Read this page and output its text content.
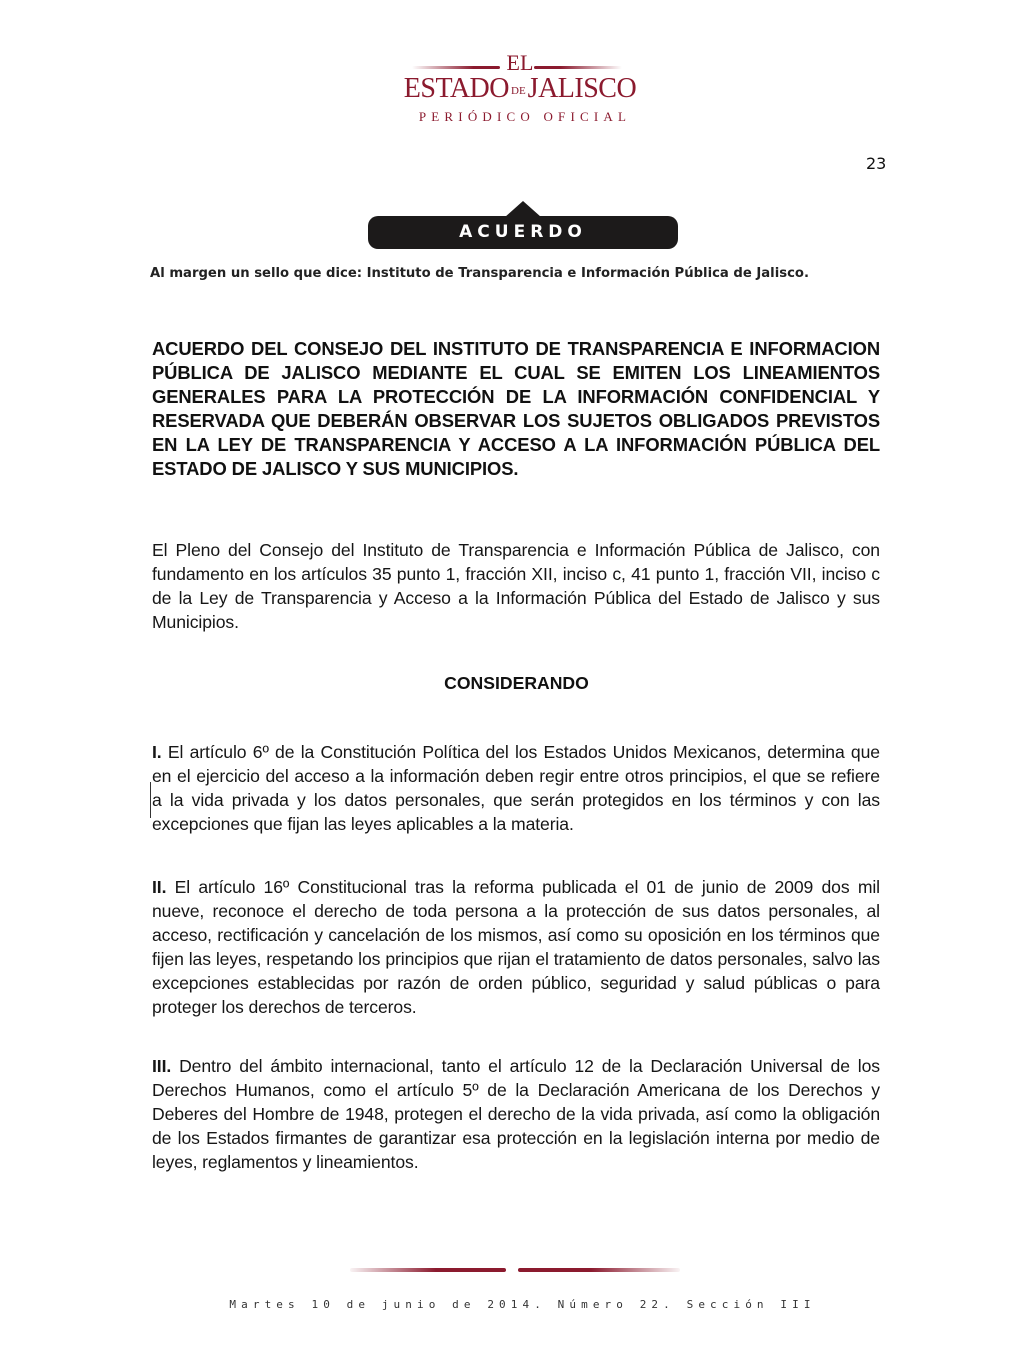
EL
ESTADO DEJALISCO
PERIÓDICO OFICIAL
23
ACUERDO
Al margen un sello que dice: Instituto de Transparencia e Información Pública de Jalisco.
ACUERDO DEL CONSEJO DEL INSTITUTO DE TRANSPARENCIA E INFORMACION PÚBLICA DE JALISCO MEDIANTE EL CUAL SE EMITEN LOS LINEAMIENTOS GENERALES PARA LA PROTECCIÓN DE LA INFORMACIÓN CONFIDENCIAL Y RESERVADA QUE DEBERÁN OBSERVAR LOS SUJETOS OBLIGADOS PREVISTOS EN LA LEY DE TRANSPARENCIA Y ACCESO A LA INFORMACIÓN PÚBLICA DEL ESTADO DE JALISCO Y SUS MUNICIPIOS.
El Pleno del Consejo del Instituto de Transparencia e Información Pública de Jalisco, con fundamento en los artículos 35 punto 1, fracción XII, inciso c, 41 punto 1, fracción VII, inciso c de la Ley de Transparencia y Acceso a la Información Pública del Estado de Jalisco y sus Municipios.
CONSIDERANDO
I. El artículo 6º de la Constitución Política del los Estados Unidos Mexicanos, determina que en el ejercicio del acceso a la información deben regir entre otros principios, el que se refiere a la vida privada y los datos personales, que serán protegidos en los términos y con las excepciones que fijan las leyes aplicables a la materia.
II. El artículo 16º Constitucional tras la reforma publicada el 01 de junio de 2009 dos mil nueve, reconoce el derecho de toda persona a la protección de sus datos personales, al acceso, rectificación y cancelación de los mismos, así como su oposición en los términos que fijen las leyes, respetando los principios que rijan el tratamiento de datos personales, salvo las excepciones establecidas por razón de orden público, seguridad y salud públicas o para proteger los derechos de terceros.
III. Dentro del ámbito internacional, tanto el artículo 12 de la Declaración Universal de los Derechos Humanos, como el artículo 5º de la Declaración Americana de los Derechos y Deberes del Hombre de 1948, protegen el derecho de la vida privada, así como la obligación de los Estados firmantes de garantizar esa protección en la legislación interna por medio de leyes, reglamentos y lineamientos.
Martes 10 de junio de 2014. Número 22. Sección III
